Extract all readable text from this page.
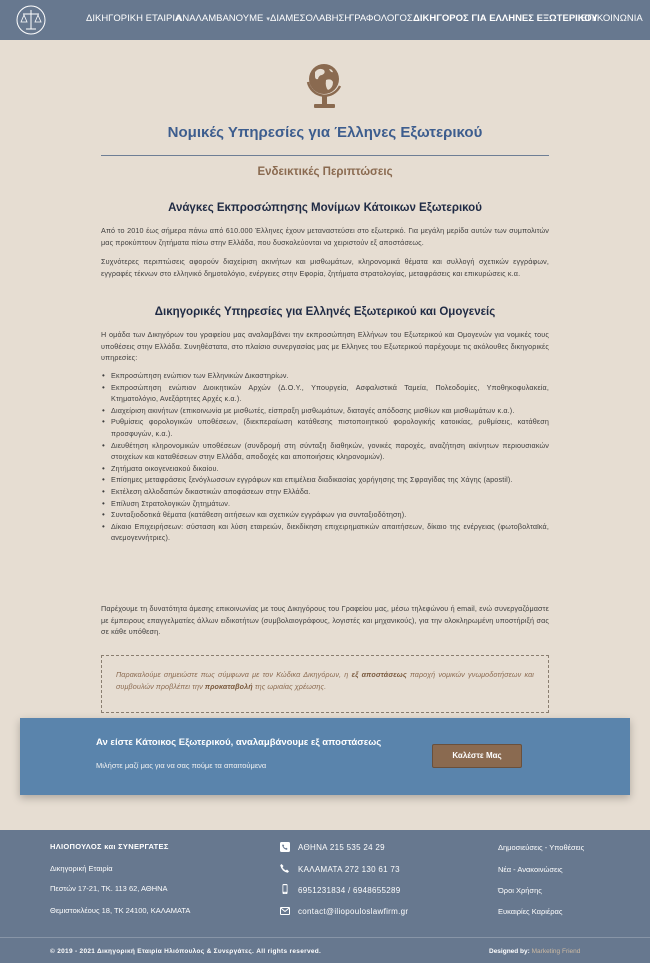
ΔΙΚΗΓΟΡΙΚΗ ΕΤΑΙΡΙΑ
ΑΝΑΛΑΜΒΑΝΟΥΜΕ ▾ ΔΙΑΜΕΣΟΛΑΒΗΣΗ
ΓΡΑΦΟΛΟΓΟΣ ΔΙΚΗΓΟΡΟΣ ΓΙΑ ΕΛΛΗΝΕΣ ΕΞΩΤΕΡΙΚΟΥ
ΕΠΙΚΟΙΝΩΝΙΑ
Νομικές Υπηρεσίες για Έλληνες Εξωτερικού
Ενδεικτικές Περιπτώσεις
Ανάγκες Εκπροσώπησης Μονίμων Κάτοικων Εξωτερικού

Από το 2010 έως σήμερα πάνω από 610.000 Έλληνες έχουν μεταναστεύσει στο εξωτερικό. Για μεγάλη μερίδα αυτών των συμπολιτών μας προκύπτουν ζητήματα πίσω στην Ελλάδα, που δυσκολεύονται να χειριστούν εξ αποστάσεως.

Συχνότερες περιπτώσεις αφορούν διαχείριση ακινήτων και μισθωμάτων, κληρονομικά θέματα και συλλογή σχετικών εγγράφων, εγγραφές τέκνων στο ελληνικό δημοτολόγιο, ενέργειες στην Εφορία, ζητήματα στρατολογίας, μεταφράσεις και επικυρώσεις κ.α.

Δικηγορικές Υπηρεσίες για Ελληνές Εξωτερικού και Ομογενείς

Η ομάδα των Δικηγόρων του γραφείου μας αναλαμβάνει την εκπροσώπηση Ελλήνων του Εξωτερικού και Ομογενών για νομικές τους υποθέσεις στην Ελλάδα. Συνηθέστατα, στο πλαίσιο συνεργασίας μας με Ελληνες του Εξωτερικού παρέχουμε τις ακόλουθες δικηγορικές υπηρεσίες:

• Εκπροσώπηση ενώπιον των Ελληνικών Δικαστηρίων.
• Εκπροσώπηση ενώπιον Διοικητικών Αρχών (Δ.Ο.Υ., Υπουργεία, Ασφαλιστικά Ταμεία, Πολεοδομίες, Υποθηκοφυλακεία, Κτηματολόγιο, Ανεξάρτητες Αρχές κ.α.).
• Διαχείριση ακινήτων (επικοινωνία με μισθωτές, είσπραξη μισθωμάτων, διαταγές απόδοσης μισθίων και μισθωμάτων κ.α.).
• Ρυθμίσεις φορολογικών υποθέσεων, (διεκπεραίωση κατάθεσης πιστοποιητικού φορολογικής κατοικίας, ρυθμίσεις, κατάθεση προσφυγών, κ.α.).
• Διευθέτηση κληρονομικών υποθέσεων (συνδρομή στη σύνταξη διαθηκών, γονικές παροχές, αναζήτηση ακίνητων περιουσιακών στοιχείων και καταθέσεων στην Ελλάδα, αποδοχές και αποποιήσεις κληρονομιών).
• Ζητήματα οικογενειακού δικαίου.
• Επίσημες μεταφράσεις ξενόγλωσσων εγγράφων και επιμέλεια διαδικασίας χορήγησης της Σφραγίδας της Χάγης (apostil).
• Εκτέλεση αλλοδαπών δικαστικών αποφάσεων στην Ελλάδα.
• Επίλυση Στρατολογικών ζητημάτων.
• Συνταξιοδοτικά θέματα (κατάθεση αιτήσεων και σχετικών εγγράφων για συνταξιοδότηση).
• Δίκαιο Επιχειρήσεων: σύσταση και λύση εταιρειών, διεκδίκηση επιχειρηματικών απαιτήσεων, δίκαιο της ενέργειας (φωτοβολταϊκά, ανεμογεννήτριες).

Παρέχουμε τη δυνατότητα άμεσης επικοινωνίας με τους Δικηγόρους του Γραφείου μας, μέσω τηλεφώνου ή email, ενώ συνεργαζόμαστε με έμπειρους επαγγελματίες άλλων ειδικοτήτων (συμβολαιογράφους, λογιστές και μηχανικούς), για την ολοκληρωμένη υποστήριξή σας σε κάθε υπόθεση.

Παρακαλούμε σημειώστε πως σύμφωνα με τον Κώδικα Δικηγόρων, η εξ αποστάσεως παροχή νομικών γνωμοδοτήσεων και συμβουλών προβλέπει την προκαταβολή της ωριαίας χρέωσης.

Αν είστε Κάτοικος Εξωτερικού, αναλαμβάνουμε εξ αποστάσεως
Μιλήστε μαζί μας για να σας πούμε τα απαιτούμενα
Καλέστε Μας
ΗΛΙΟΠΟΥΛΟΣ και ΣΥΝΕΡΓΑΤΕΣ
Δικηγορική Εταιρία
Πεστών 17-21, ΤΚ. 113 62, ΑΘΗΝΑ
Θεμιστοκλέους 18, ΤΚ 24100, ΚΑΛΑΜΑΤΑ
ΑΘΗΝΑ 215 535 24 29
ΚΑΛΑΜΑΤΑ 272 130 61 73
6951231834 / 6948655289
contact@iliopouloslawfirm.gr
Δημοσιεύσεις - Υποθέσεις
Νέα - Ανακοινώσεις
Όροι Χρήσης
Ευκαιρίες Καριέρας
© 2019 - 2021 Δικηγορική Εταιρία Ηλιόπουλος & Συνεργάτες. All rights reserved.	Designed by: Marketing Friend
